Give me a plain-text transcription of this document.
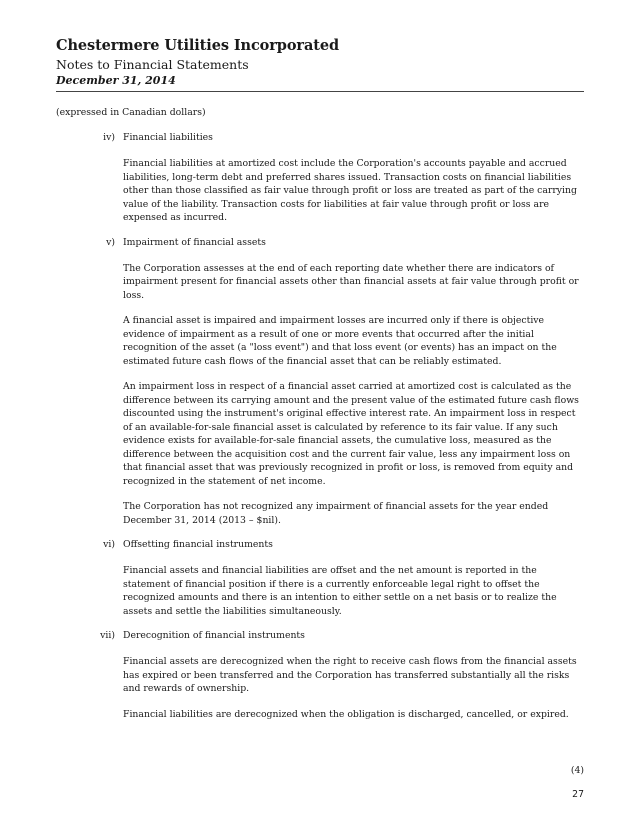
Chestermere Utilities Incorporated
Notes to Financial Statements
December 31, 2014
(expressed in Canadian dollars)
iv) Financial liabilities
Financial liabilities at amortized cost include the Corporation's accounts payable and accrued liabilities, long-term debt and preferred shares issued. Transaction costs on financial liabilities other than those classified as fair value through profit or loss are treated as part of the carrying value of the liability. Transaction costs for liabilities at fair value through profit or loss are expensed as incurred.
v) Impairment of financial assets
The Corporation assesses at the end of each reporting date whether there are indicators of impairment present for financial assets other than financial assets at fair value through profit or loss.
A financial asset is impaired and impairment losses are incurred only if there is objective evidence of impairment as a result of one or more events that occurred after the initial recognition of the asset (a "loss event") and that loss event (or events) has an impact on the estimated future cash flows of the financial asset that can be reliably estimated.
An impairment loss in respect of a financial asset carried at amortized cost is calculated as the difference between its carrying amount and the present value of the estimated future cash flows discounted using the instrument's original effective interest rate. An impairment loss in respect of an available-for-sale financial asset is calculated by reference to its fair value. If any such evidence exists for available-for-sale financial assets, the cumulative loss, measured as the difference between the acquisition cost and the current fair value, less any impairment loss on that financial asset that was previously recognized in profit or loss, is removed from equity and recognized in the statement of net income.
The Corporation has not recognized any impairment of financial assets for the year ended December 31, 2014 (2013 – $nil).
vi) Offsetting financial instruments
Financial assets and financial liabilities are offset and the net amount is reported in the statement of financial position if there is a currently enforceable legal right to offset the recognized amounts and there is an intention to either settle on a net basis or to realize the assets and settle the liabilities simultaneously.
vii) Derecognition of financial instruments
Financial assets are derecognized when the right to receive cash flows from the financial assets has expired or been transferred and the Corporation has transferred substantially all the risks and rewards of ownership.
Financial liabilities are derecognized when the obligation is discharged, cancelled, or expired.
(4)
27
